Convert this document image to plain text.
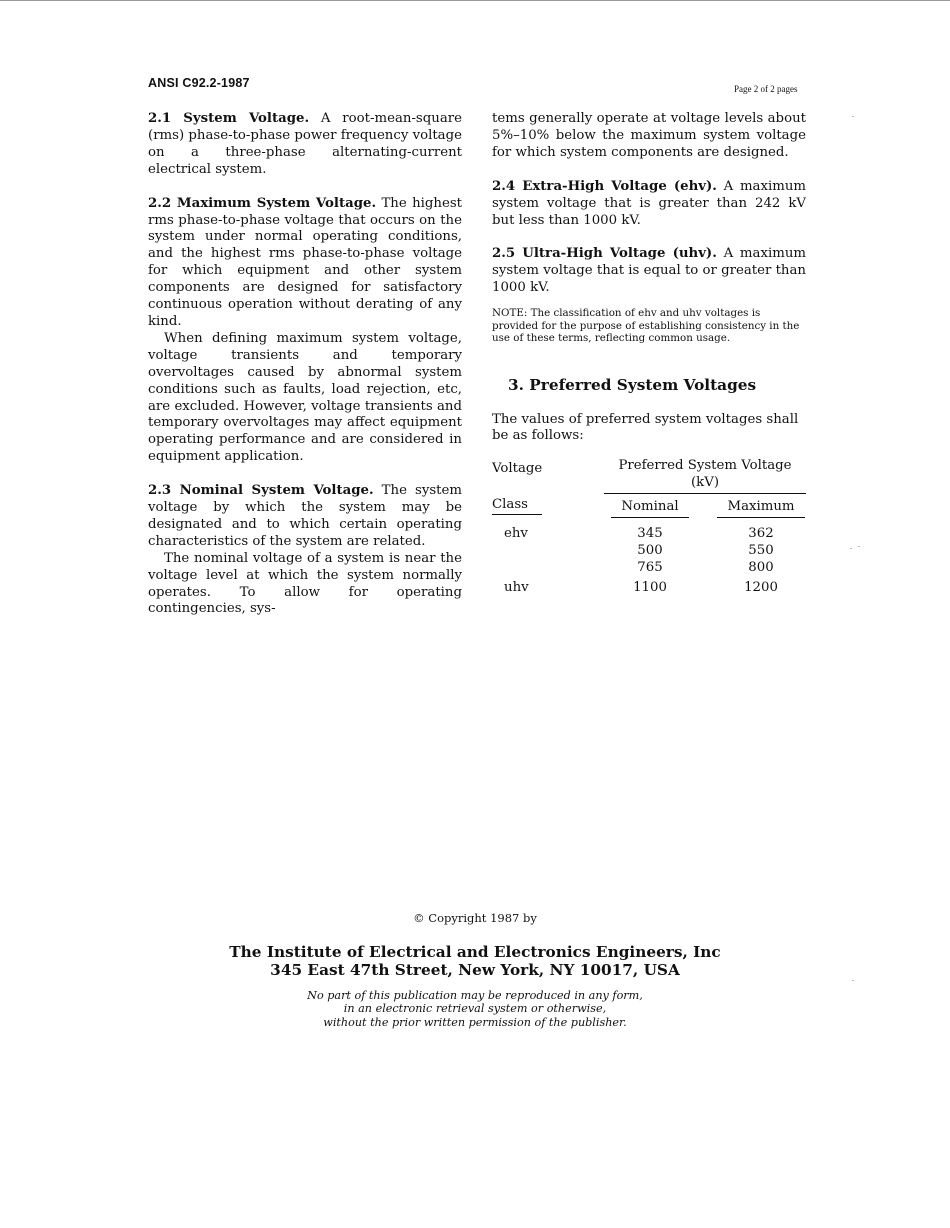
ANSI C92.2-1987	Page 2 of 2 pages

2.1 System Voltage. A root-mean-square (rms) phase-to-phase power frequency voltage on a three-phase alternating-current electrical system.

2.2 Maximum System Voltage. The highest rms phase-to-phase voltage that occurs on the system under normal operating conditions, and the highest rms phase-to-phase voltage for which equipment and other system components are designed for satisfactory continuous operation without derating of any kind.

When defining maximum system voltage, voltage transients and temporary overvoltages caused by abnormal system conditions such as faults, load rejection, etc, are excluded. However, voltage transients and temporary overvoltages may affect equipment operating performance and are considered in equipment application.

2.3 Nominal System Voltage. The system voltage by which the system may be designated and to which certain operating characteristics of the system are related.

The nominal voltage of a system is near the voltage level at which the system normally operates. To allow for operating contingencies, sys-

tems generally operate at voltage levels about 5%–10% below the maximum system voltage for which system components are designed.

2.4 Extra-High Voltage (ehv). A maximum system voltage that is greater than 242 kV but less than 1000 kV.

2.5 Ultra-High Voltage (uhv). A maximum system voltage that is equal to or greater than 1000 kV.

NOTE: The classification of ehv and uhv voltages is provided for the purpose of establishing consistency in the use of these terms, reflecting common usage.

3. Preferred System Voltages

The values of preferred system voltages shall be as follows:

Voltage	Preferred System Voltage (kV)	
Class	Nominal	Maximum
ehv	345	362
	500	550
	765	800
uhv	1100	1200
© Copyright 1987 by
The Institute of Electrical and Electronics Engineers, Inc
345 East 47th Street, New York, NY 10017, USA
No part of this publication may be reproduced in any form,
in an electronic retrieval system or otherwise,
without the prior written permission of the publisher.
